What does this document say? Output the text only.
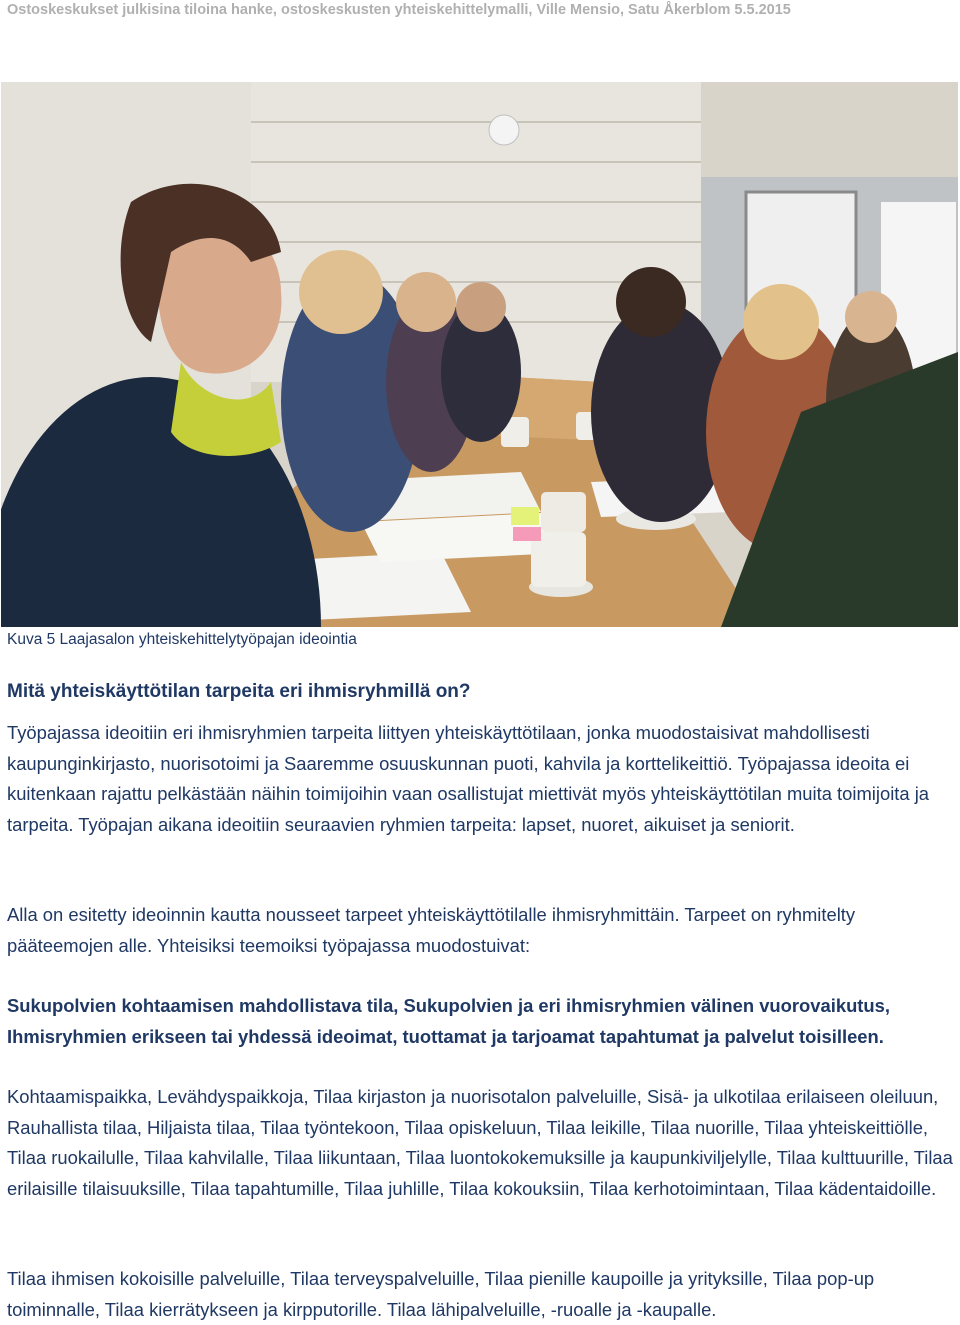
Ostoskeskukset julkisina tiloina hanke, ostoskeskusten yhteiskehittelymalli, Ville Mensio, Satu Åkerblom 5.5.2015
Kuva 5 Laajasalon yhteiskehittelytyöpajan ideointia
Mitä yhteiskäyttötilan tarpeita eri ihmisryhmillä on?

Työpajassa ideoitiin eri ihmisryhmien tarpeita liittyen yhteiskäyttötilaan, jonka muodostaisivat mahdollisesti kaupunginkirjasto, nuorisotoimi ja Saaremme osuuskunnan puoti, kahvila ja korttelikeittiö. Työpajassa ideoita ei kuitenkaan rajattu pelkästään näihin toimijoihin vaan osallistujat miettivät myös yhteiskäyttötilan muita toimijoita ja tarpeita. Työpajan aikana ideoitiin seuraavien ryhmien tarpeita: lapset, nuoret, aikuiset ja seniorit.

Alla on esitetty ideoinnin kautta nousseet tarpeet yhteiskäyttötilalle ihmisryhmittäin. Tarpeet on ryhmitelty pääteemojen alle. Yhteisiksi teemoiksi työpajassa muodostuivat:

Sukupolvien kohtaamisen mahdollistava tila, Sukupolvien ja eri ihmisryhmien välinen vuorovaikutus, Ihmisryhmien erikseen tai yhdessä ideoimat, tuottamat ja tarjoamat tapahtumat ja palvelut toisilleen.

Kohtaamispaikka, Levähdyspaikkoja, Tilaa kirjaston ja nuorisotalon palveluille, Sisä- ja ulkotilaa erilaiseen oleiluun, Rauhallista tilaa, Hiljaista tilaa, Tilaa työntekoon, Tilaa opiskeluun, Tilaa leikille, Tilaa nuorille, Tilaa yhteiskeittiölle, Tilaa ruokailulle, Tilaa kahvilalle, Tilaa liikuntaan, Tilaa luontokokemuksille ja kaupunkiviljelylle, Tilaa kulttuurille, Tilaa erilaisille tilaisuuksille, Tilaa tapahtumille, Tilaa juhlille, Tilaa kokouksiin, Tilaa kerhotoimintaan, Tilaa kädentaidoille.

Tilaa ihmisen kokoisille palveluille, Tilaa terveyspalveluille, Tilaa pienille kaupoille ja yrityksille, Tilaa pop-up toiminnalle, Tilaa kierrätykseen ja kirpputorille. Tilaa lähipalveluille, -ruoalle ja -kaupalle.
